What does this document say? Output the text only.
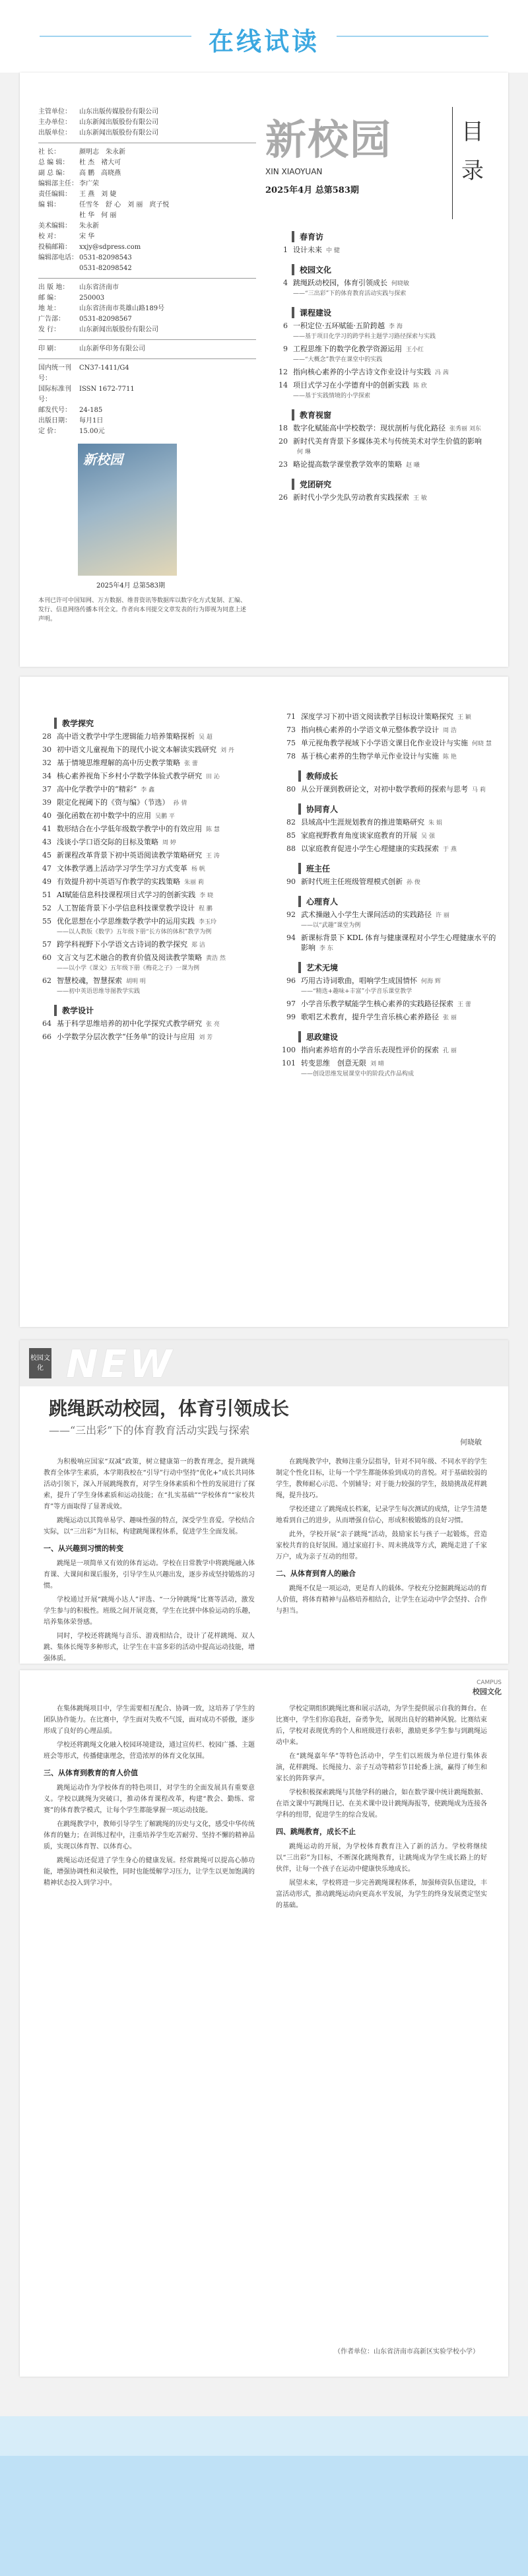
在线试读
主管单位：	山东出版传媒股份有限公司
主办单位：	山东新闻出版股份有限公司
出版单位：	山东新闻出版股份有限公司
社 长：	颜明志　朱永新
总 编 辑：	杜 杰　褚大可
副 总 编：	高 鹏　高晓燕
编辑部主任： 李广荣
责任编辑：	王 燕　刘 婕
编 辑：	任雪冬　舒 心　刘 丽　庹子悦
杜 华　何 丽
美术编辑：	朱永新
校 对：	宋 华
投稿邮箱：	xxjy@sdpress.com
编辑部电话： 0531-82098543
0531-82098542
出 版 地：	山东省济南市
邮 编：	250003
地 址：	山东省济南市英雄山路189号
广告部：	0531-82098567
发 行：	山东新闻出版股份有限公司
印 刷：	山东新华印务有限公司
国内统一刊号：
CN37-1411/G4
国际标准刊号：
ISSN 1672-7711
邮发代号：	24-185
出版日期：	每月1日
定 价：	15.00元
新校园
2025年4月 总第583期
本刊已许可中国知网、万方数据、维普资讯等数据库以数字化方式复制、汇编、发行、信息网络传播本刊全文。作者向本刊提交文章发表的行为即视为同意上述声明。
新校园
XIN XIAOYUAN
2025年4月 总第583期
目
录
春育访
1 设计未来 中 健
校园文化
4 跳绳跃动校园，体育引领成长 何晓敏
——“三出彩”下的体育教育活动实践与探索
课程建设
6 一积定位·五环赋能·五阶跨越 李 海
——基于项目化学习的跨学科主题学习路径探索与实践
9 工程思维下的数学化教学资源运用 王小红
——“大概念”教学在课堂中的实践
12 指向核心素养的小学古诗文作业设计与实践 冯 茜
14 项目式学习在小学德育中的创新实践 陈 欣
——基于实践情境的小学探索
教育视窗
18 数字化赋能高中学校数学：现状剖析与优化路径 张秀丽 刘东
20 新时代美育背景下多媒体美术与传统美术对学生价值的影响何 琳
23 略论提高数学课堂教学效率的策略 赵 曦
党团研究
26 新时代小学少先队劳动教育实践探索 王 敏
教学探究
28 高中语文教学中学生逻辑能力培养策略探析 吴 超
30 初中语文儿童视角下的现代小说文本解读实践研究 刘 丹
32 基于情境思维理解的高中历史教学策略 张 蕾
34 核心素养视角下乡村小学数学体验式教学研究 田 沁
37 高中化学教学中的“精彩” 李 鑫
39 限定化视阈下的《资与编》（节选） 孙 倩
40 强化函数在初中数学中的应用 吴鹏 平
41 数形结合在小学低年级数学教学中的有效应用 陈 慧
43 浅谈小学口语交际的目标及策略 周 婷
45 新课程改革背景下初中英语阅读教学策略研究 王 涛
47 文体教学遇上活动学习学生学习方式变革 杨 帆
49 有效提升初中英语写作教学的实践策略 朱丽 莉
51 AI赋能信息科技课程项目式学习的创新实践 李 晓
52 人工智能背景下小学信息科技课堂教学设计 程 鹏
55 优化思想在小学思维数学教学中的运用实践 李玉玲
——以人教版《数学》五年级下册“长方体的体积”教学为例
57 跨学科视野下小学语文古诗词的教学探究 郑 洁
60 文言文与艺术融合的教育价值及阅读教学策略 黄浩 然
——以小学《课文》五年级下册《梅花之子》一课为例
62 智慧校魂，智慧探索 胡明 明
——初中英语思维导图教学实践
教学设计
64 基于科学思维培养的初中化学探究式教学研究 张 亮
66 小学数学分层次教学“任务单”的设计与应用 刘 芳
71 深度学习下初中语文阅读教学目标设计策略探究 王 颖
73 指向核心素养的小学语文单元整体教学设计 周 浩
75 单元视角教学视域下小学语文课目化作业设计与实施 何晓 慧
78 基于核心素养的生物学单元作业设计与实施 陈 艳
教师成长
80 从公开课到教研论文，对初中数学教师的探索与思考 马 莉
协同育人
82 县域高中生涯规划教育的推进策略研究 朱 娟
85 家庭视野教育角度谈家庭教育的开展 吴 强
88 以家庭教育促进小学生心理健康的实践探索 于 燕
班主任
90 新时代班主任班级管理模式创新 孙 俊
心理育人
92 武术操融入小学生大课间活动的实践路径 许 丽
——以“武趣”课堂为例
94 新课标背景下 KDL 体育与健康课程对小学生心理健康水平的影响 李 东
艺术无境
96 巧用古诗词歌曲，唱响学生成国情怀 何海 辉
——“精选+趣味+丰富”小学音乐课堂教学
97 小学音乐教学赋能学生核心素养的实践路径探索 王 蕾
99 歌唱艺术教育，提升学生音乐核心素养路径 张 丽
思政建设
100 指向素养培育的小学音乐表现性评价的探索 孔 丽
101 转变思维　创意无限 刘 晴
——创设思维发展课堂中的阶段式作品构成
校园文化 NEW
跳绳跃动校园，体育引领成长
——“三出彩”下的体育教育活动实践与探索
何晓敏

为积极响应国家“双减”政策，树立健康第一的教育理念，提升跳绳教育全体学生素质，本学期我校在“引导”行动中坚持“优化+”成长共同体活动引领下，深入开展跳绳教育，对学生身体素质和个性的发展进行了探索，提升了学生身体素质和运动技能；在“扎实基础”“学校体育”“家校共育”等方面取得了显著成效。

跳绳运动以其简单易学、趣味性强的特点，深受学生喜爱。学校结合实际，以“三出彩”为目标，构建跳绳课程体系，促进学生全面发展。

一、从兴趣到习惯的转变

跳绳是一项简单又有效的体育运动。学校在日常教学中将跳绳融入体育课、大课间和课后服务，引导学生从兴趣出发，逐步养成坚持锻炼的习惯。

学校通过开展“跳绳小达人”评选、“一分钟跳绳”比赛等活动，激发学生参与的积极性。班级之间开展竞赛，学生在比拼中体验运动的乐趣，培养集体荣誉感。

同时，学校还将跳绳与音乐、游戏相结合，设计了花样跳绳、双人跳、集体长绳等多种形式，让学生在丰富多彩的活动中提高运动技能，增强体质。

在跳绳教学中，教师注重分层指导，针对不同年级、不同水平的学生制定个性化目标，让每一个学生都能体验到成功的喜悦。对于基础较弱的学生，教师耐心示范、个别辅导；对于能力较强的学生，鼓励挑战花样跳绳，提升技巧。

学校还建立了跳绳成长档案，记录学生每次测试的成绩，让学生清楚地看到自己的进步，从而增强自信心，形成积极锻炼的良好习惯。

此外，学校开展“亲子跳绳”活动，鼓励家长与孩子一起锻炼，营造家校共育的良好氛围。通过家庭打卡、周末挑战等方式，跳绳走进了千家万户，成为亲子互动的纽带。

二、从体育到育人的融合

跳绳不仅是一项运动，更是育人的载体。学校充分挖掘跳绳运动的育人价值，将体育精神与品格培养相结合，让学生在运动中学会坚持、合作与担当。

CAMPUS
校园文化

在集体跳绳项目中，学生需要相互配合、协调一致，这培养了学生的团队协作能力。在比赛中，学生面对失败不气馁，面对成功不骄傲，逐步形成了良好的心理品质。

学校还将跳绳文化融入校园环境建设，通过宣传栏、校园广播、主题班会等形式，传播健康理念，营造浓厚的体育文化氛围。

三、从体育到教育的育人价值

跳绳运动作为学校体育的特色项目，对学生的全面发展具有重要意义。学校以跳绳为突破口，推动体育课程改革，构建“教会、勤练、常赛”的体育教学模式，让每个学生都能掌握一项运动技能。

在跳绳教学中，教师引导学生了解跳绳的历史与文化，感受中华传统体育的魅力；在训练过程中，注重培养学生吃苦耐劳、坚持不懈的精神品质，实现以体育智、以体育心。

跳绳运动还促进了学生身心的健康发展。经常跳绳可以提高心肺功能，增强协调性和灵敏性，同时也能缓解学习压力，让学生以更加饱满的精神状态投入到学习中。

学校定期组织跳绳比赛和展示活动，为学生提供展示自我的舞台。在比赛中，学生们你追我赶，奋勇争先，展现出良好的精神风貌。比赛结束后，学校对表现优秀的个人和班级进行表彰，激励更多学生参与到跳绳运动中来。

在“跳绳嘉年华”等特色活动中，学生们以班级为单位进行集体表演，花样跳绳、长绳接力、亲子互动等精彩节目轮番上演，赢得了师生和家长的阵阵掌声。

学校积极探索跳绳与其他学科的融合，如在数学课中统计跳绳数据、在语文课中写跳绳日记、在美术课中设计跳绳海报等，使跳绳成为连接各学科的纽带，促进学生的综合发展。

四、跳绳教育，成长不止

跳绳运动的开展，为学校体育教育注入了新的活力。学校将继续以“三出彩”为目标，不断深化跳绳教育，让跳绳成为学生成长路上的好伙伴，让每一个孩子在运动中健康快乐地成长。

展望未来，学校将进一步完善跳绳课程体系，加强师资队伍建设，丰富活动形式，推动跳绳运动向更高水平发展，为学生的终身发展奠定坚实的基础。

（作者单位：山东省济南市高新区实验学校小学）
